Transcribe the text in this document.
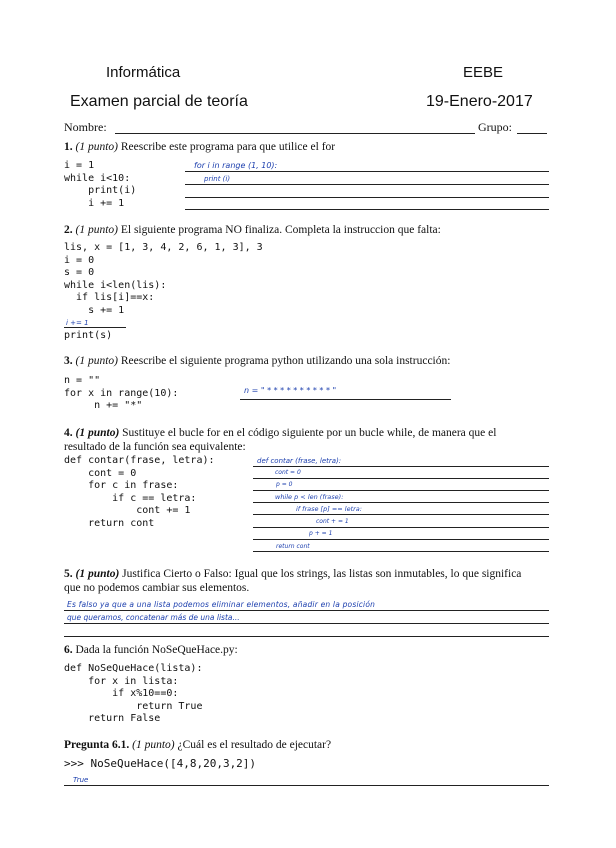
Informática	EEBE
Examen parcial de teoría	19-Enero-2017
Nombre:	Grupo:
1. (1 punto) Reescribe este programa para que utilice el for
i = 1
while i<10:
print(i)
i += 1
for i in range (1, 10):
print (i)
2. (1 punto) El siguiente programa NO finaliza. Completa la instruccion que falta:
lis, x = [1, 3, 4, 2, 6, 1, 3], 3
i = 0
s = 0
while i<len(lis):
if lis[i]==x:
s += 1
i += 1
print(s)
3. (1 punto) Reescribe el siguiente programa python utilizando una sola instrucción:
n = ""
for x in range(10):
n += "*"
n = " * * * * * * * * * * "
4. (1 punto) Sustituye el bucle for en el código siguiente por un bucle while, de manera que el
resultado de la función sea equivalente:
def contar(frase, letra):
cont = 0
for c in frase:
if c == letra:
cont += 1
return cont
def contar (frase, letra):
cont = 0
p = 0
while p < len (frase):
if frase [p] == letra:
cont + = 1
p + = 1
return cont
5. (1 punto) Justifica Cierto o Falso: Igual que los strings, las listas son inmutables, lo que significa
que no podemos cambiar sus elementos.
Es falso ya que a una lista podemos eliminar elementos, añadir en la posición
que queramos, concatenar más de una lista...
6. Dada la función NoSeQueHace.py:
def NoSeQueHace(lista):
for x in lista:
if x%10==0:
return True
return False
Pregunta 6.1. (1 punto) ¿Cuál es el resultado de ejecutar?
>>> NoSeQueHace([4,8,20,3,2])
True
